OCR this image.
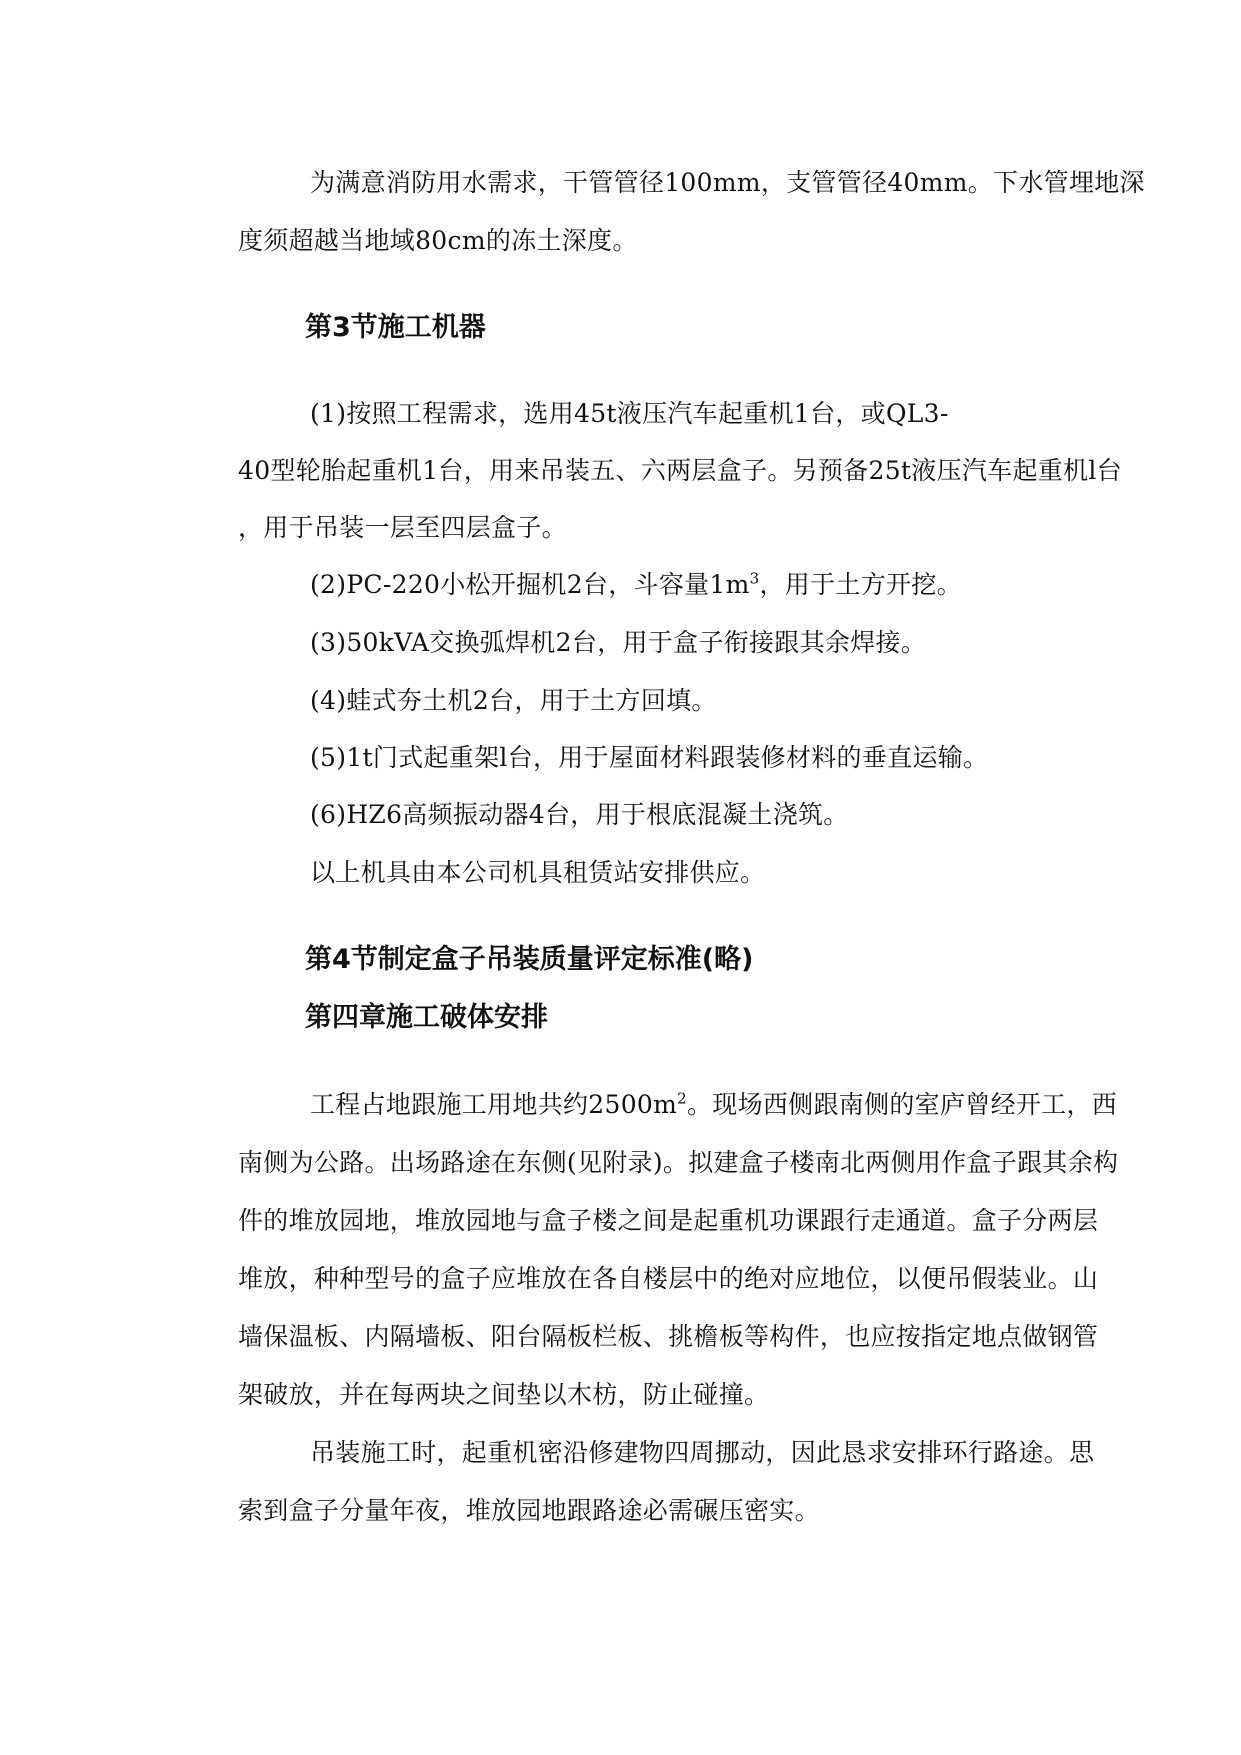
为满意消防用水需求，干管管径100mm，支管管径40mm。下水管埋地深
度须超越当地域80cm的冻土深度。
第3节施工机器
(1)按照工程需求，选用45t液压汽车起重机1台，或QL3-
40型轮胎起重机1台，用来吊装五、六两层盒子。另预备25t液压汽车起重机l台
，用于吊装一层至四层盒子。
(2)PC-220小松开掘机2台，斗容量$1m^3$，用于土方开挖。
(3)50kVA交换弧焊机2台，用于盒子衔接跟其余焊接。
(4)蛙式夯土机2台，用于土方回填。
(5)1t门式起重架l台，用于屋面材料跟装修材料的垂直运输。
(6)HZ6高频振动器4台，用于根底混凝土浇筑。
以上机具由本公司机具租赁站安排供应。
第4节制定盒子吊装质量评定标准(略)
第四章施工破体安排
工程占地跟施工用地共约$2500m^2$。现场西侧跟南侧的室庐曾经开工，西
南侧为公路。出场路途在东侧(见附录)。拟建盒子楼南北两侧用作盒子跟其余构
件的堆放园地，堆放园地与盒子楼之间是起重机功课跟行走通道。盒子分两层
堆放，种种型号的盒子应堆放在各自楼层中的绝对应地位，以便吊假装业。山
墙保温板、内隔墙板、阳台隔板栏板、挑檐板等构件，也应按指定地点做钢管
架破放，并在每两块之间垫以木枋，防止碰撞。
吊装施工时，起重机密沿修建物四周挪动，因此恳求安排环行路途。思
索到盒子分量年夜，堆放园地跟路途必需碾压密实。
